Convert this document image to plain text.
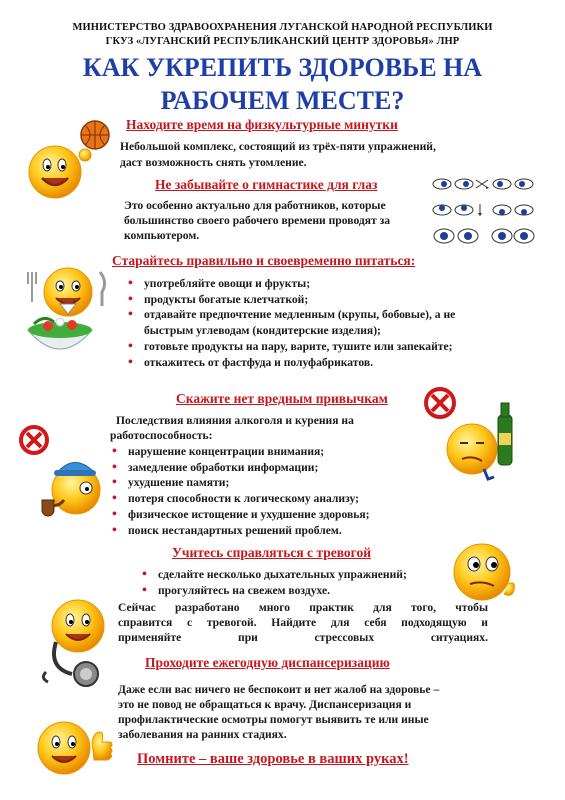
МИНИСТЕРСТВО ЗДРАВООХРАНЕНИЯ ЛУГАНСКОЙ НАРОДНОЙ РЕСПУБЛИКИ
ГКУЗ «ЛУГАНСКИЙ РЕСПУБЛИКАНСКИЙ ЦЕНТР ЗДОРОВЬЯ» ЛНР
КАК УКРЕПИТЬ ЗДОРОВЬЕ НА
РАБОЧЕМ МЕСТЕ?
Находите время на физкультурные минутки
Небольшой комплекс, состоящий из трёх-пяти упражнений,
даст возможность снять утомление.
Не забывайте о гимнастике для глаз
Это особенно актуально для работников, которые
большинство своего рабочего времени проводят за
компьютером.
Старайтесь правильно и своевременно питаться:
• употребляйте овощи и фрукты;
• продукты богатые клетчаткой;
• отдавайте предпочтение медленным (крупы, бобовые), а не быстрым углеводам (кондитерские изделия);
• готовьте продукты на пару, варите, тушите или запекайте;
• откажитесь от фастфуда и полуфабрикатов.
Скажите нет вредным привычкам
Последствия влияния алкоголя и курения на
работоспособность:
• нарушение концентрации внимания;
• замедление обработки информации;
• ухудшение памяти;
• потеря способности к логическому анализу;
• физическое истощение и ухудшение здоровья;
• поиск нестандартных решений проблем.
Учитесь справляться с тревогой
• сделайте несколько дыхательных упражнений;
• прогуляйтесь на свежем воздухе.
Сейчас разработано много практик для того, чтобы
справится с тревогой. Найдите для себя подходящую и
применяйте при стрессовых ситуациях.
Проходите ежегодную диспансеризацию
Даже если вас ничего не беспокоит и нет жалоб на здоровье –
это не повод не обращаться к врачу. Диспансеризация и
профилактические осмотры помогут выявить те или иные
заболевания на ранних стадиях.
Помните – ваше здоровье в ваших руках!
